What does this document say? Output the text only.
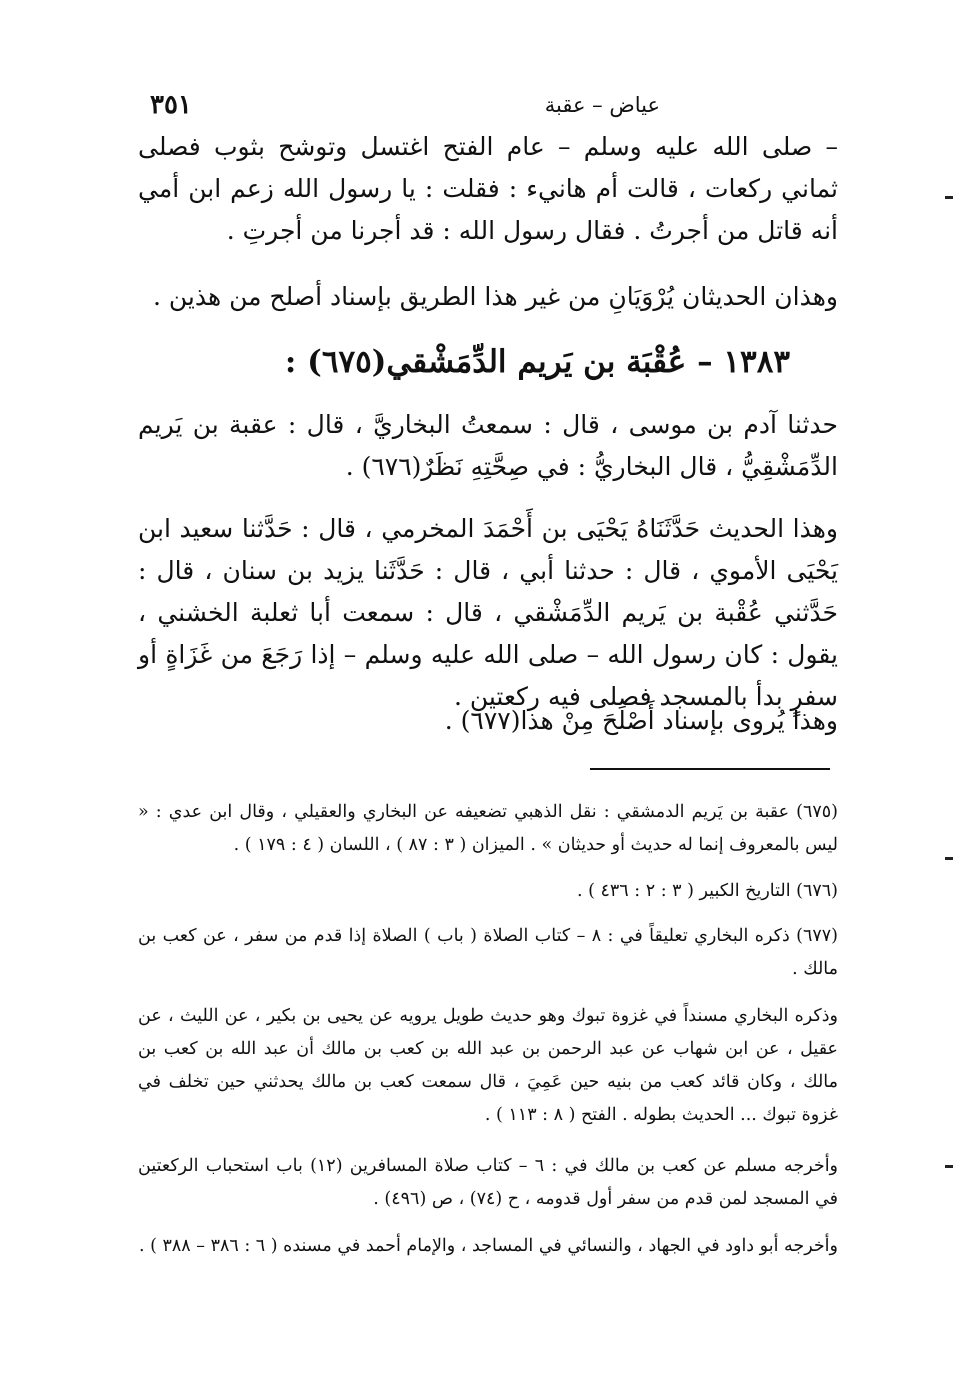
عياض – عقبة
٣٥١

– صلى الله عليه وسلم – عام الفتح اغتسل وتوشح بثوب فصلى ثماني ركعات ، قالت أم هانيء : فقلت : يا رسول الله زعم ابن أمي أنه قاتل من أجرتُ . فقال رسول الله : قد أجرنا من أجرتِ .

وهذان الحديثان يُرْوَيَانِ من غير هذا الطريق بإسناد أصلح من هذين .

١٣٨٣ – عُقْبَة بن يَريم الدِّمَشْقي(٦٧٥) :

حدثنا آدم بن موسى ، قال : سمعتُ البخاريَّ ، قال : عقبة بن يَريم الدِّمَشْقِيُّ ، قال البخاريُّ : في صِحَّتِهِ نَظَرٌ(٦٧٦) .

وهذا الحديث حَدَّثَنَاهُ يَحْيَى بن أَحْمَدَ المخرمي ، قال : حَدَّثنا سعيد ابن يَحْيَى الأموي ، قال : حدثنا أبي ، قال : حَدَّثَنا يزيد بن سنان ، قال : حَدَّثني عُقْبة بن يَريم الدِّمَشْقي ، قال : سمعت أبا ثعلبة الخشني ، يقول : كان رسول الله – صلى الله عليه وسلم – إذا رَجَعَ من غَزَاةٍ أو سفرٍ بدأ بالمسجد فصلى فيه ركعتين .

وهذا يُروى بإسناد أَصْلَحَ مِنْ هذا(٦٧٧) .

(٦٧٥) عقبة بن يَريم الدمشقي : نقل الذهبي تضعيفه عن البخاري والعقيلي ، وقال ابن عدي : « ليس بالمعروف إنما له حديث أو حديثان » . الميزان ( ٣ : ٨٧ ) ، اللسان ( ٤ : ١٧٩ ) .

(٦٧٦) التاريخ الكبير ( ٣ : ٢ : ٤٣٦ ) .

(٦٧٧) ذكره البخاري تعليقاً في : ٨ – كتاب الصلاة ( باب ) الصلاة إذا قدم من سفر ، عن كعب بن مالك .

وذكره البخاري مسنداً في غزوة تبوك وهو حديث طويل يرويه عن يحيى بن بكير ، عن الليث ، عن عقيل ، عن ابن شهاب عن عبد الرحمن بن عبد الله بن كعب بن مالك أن عبد الله بن كعب بن مالك ، وكان قائد كعب من بنيه حين عَمِيَ ، قال سمعت كعب بن مالك يحدثني حين تخلف في غزوة تبوك ... الحديث بطوله . الفتح ( ٨ : ١١٣ ) .

وأخرجه مسلم عن كعب بن مالك في : ٦ – كتاب صلاة المسافرين (١٢) باب استحباب الركعتين في المسجد لمن قدم من سفر أول قدومه ، ح (٧٤) ، ص (٤٩٦) .

وأخرجه أبو داود في الجهاد ، والنسائي في المساجد ، والإمام أحمد في مسنده ( ٦ : ٣٨٦ – ٣٨٨ ) .
